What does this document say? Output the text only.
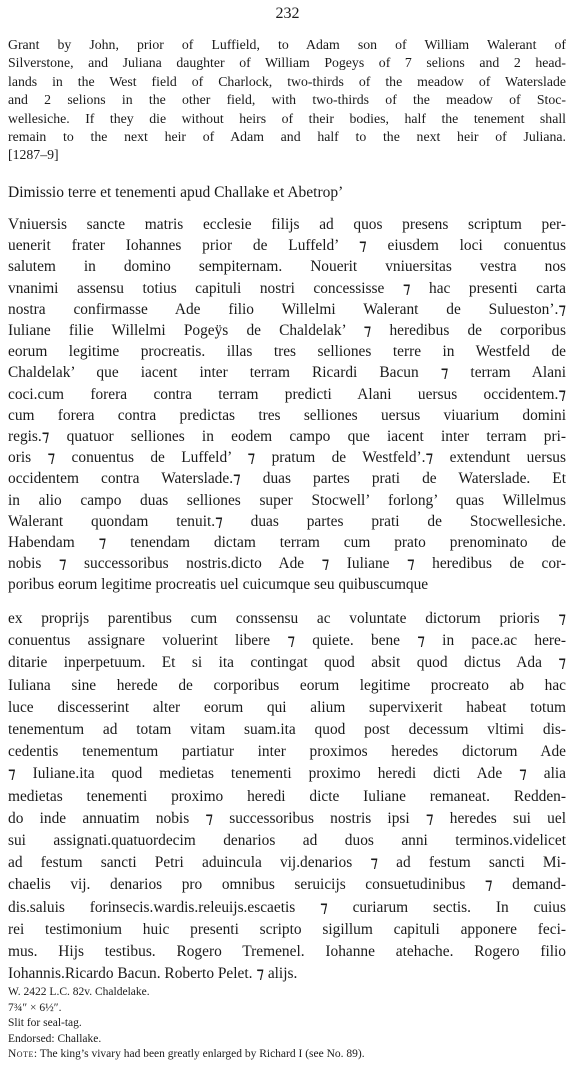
232
Grant by John, prior of Luffield, to Adam son of William Walerant of
Silverstone, and Juliana daughter of William Pogeys of 7 selions and 2 head-
lands in the West field of Charlock, two-thirds of the meadow of Waterslade
and 2 selions in the other field, with two-thirds of the meadow of Stoc-
wellesiche. If they die without heirs of their bodies, half the tenement shall
remain to the next heir of Adam and half to the next heir of Juliana.
[1287–9]
Dimissio terre et tenementi apud Challake et Abetrop’
Vniuersis sancte matris ecclesie filijs ad quos presens scriptum per-
uenerit frater Iohannes prior de Luffeld’ ⁊ eiusdem loci conuentus
salutem in domino sempiternam. Nouerit vniuersitas vestra nos
vnanimi assensu totius capituli nostri concessisse ⁊ hac presenti carta
nostra confirmasse Ade filio Willelmi Walerant de Sulueston’.⁊
Iuliane filie Willelmi Pogeÿs de Chaldelak’ ⁊ heredibus de corporibus
eorum legitime procreatis. illas tres selliones terre in Westfeld de
Chaldelak’ que iacent inter terram Ricardi Bacun ⁊ terram Alani
coci.cum forera contra terram predicti Alani uersus occidentem.⁊
cum forera contra predictas tres selliones uersus viuarium domini
regis.⁊ quatuor selliones in eodem campo que iacent inter terram pri-
oris ⁊ conuentus de Luffeld’ ⁊ pratum de Westfeld’.⁊ extendunt uersus
occidentem contra Waterslade.⁊ duas partes prati de Waterslade. Et
in alio campo duas selliones super Stocwell’ forlong’ quas Willelmus
Walerant quondam tenuit.⁊ duas partes prati de Stocwellesiche.
Habendam ⁊ tenendam dictam terram cum prato prenominato de
nobis ⁊ successoribus nostris.dicto Ade ⁊ Iuliane ⁊ heredibus de cor-
poribus eorum legitime procreatis uel cuicumque seu quibuscumque
ex proprijs parentibus cum conssensu ac voluntate dictorum prioris ⁊
conuentus assignare voluerint libere ⁊ quiete. bene ⁊ in pace.ac here-
ditarie inperpetuum. Et si ita contingat quod absit quod dictus Ada ⁊
Iuliana sine herede de corporibus eorum legitime procreato ab hac
luce discesserint alter eorum qui alium supervixerit habeat totum
tenementum ad totam vitam suam.ita quod post decessum vltimi dis-
cedentis tenementum partiatur inter proximos heredes dictorum Ade
⁊ Iuliane.ita quod medietas tenementi proximo heredi dicti Ade ⁊ alia
medietas tenementi proximo heredi dicte Iuliane remaneat. Redden-
do inde annuatim nobis ⁊ successoribus nostris ipsi ⁊ heredes sui uel
sui assignati.quatuordecim denarios ad duos anni terminos.videlicet
ad festum sancti Petri aduincula vij.denarios ⁊ ad festum sancti Mi-
chaelis vij. denarios pro omnibus seruicijs consuetudinibus ⁊ demand-
dis.saluis forinsecis.wardis.releuijs.escaetis ⁊ curiarum sectis. In cuius
rei testimonium huic presenti scripto sigillum capituli apponere feci-
mus. Hijs testibus. Rogero Tremenel. Iohanne atehache. Rogero filio
Iohannis.Ricardo Bacun. Roberto Pelet. ⁊ alijs.
W. 2422 L.C. 82v. Chaldelake.
7¾″ × 6½″.
Slit for seal-tag.
Endorsed: Challake.
Note: The king’s vivary had been greatly enlarged by Richard I (see No. 89).
